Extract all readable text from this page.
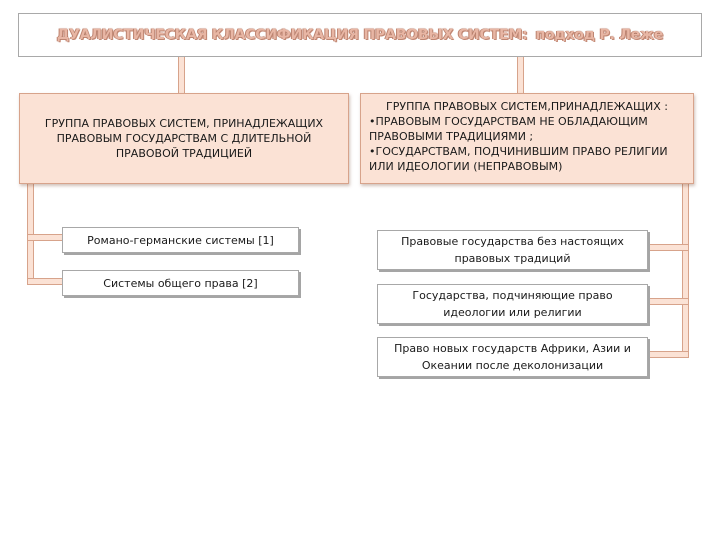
ДУАЛИСТИЧЕСКАЯ КЛАССИФИКАЦИЯ ПРАВОВЫХ СИСТЕМ: подход Р. Леже
ГРУППА ПРАВОВЫХ СИСТЕМ, ПРИНАДЛЕЖАЩИХ ПРАВОВЫМ ГОСУДАРСТВАМ С ДЛИТЕЛЬНОЙ ПРАВОВОЙ ТРАДИЦИЕЙ
Романо-германские системы [1]
Системы общего права [2]
ГРУППА ПРАВОВЫХ СИСТЕМ,ПРИНАДЛЕЖАЩИХ :
•ПРАВОВЫМ ГОСУДАРСТВАМ НЕ ОБЛАДАЮЩИМ
ПРАВОВЫМИ ТРАДИЦИЯМИ ;
•ГОСУДАРСТВАМ, ПОДЧИНИВШИМ ПРАВО РЕЛИГИИ
ИЛИ ИДЕОЛОГИИ (НЕПРАВОВЫМ)
Правовые государства без настоящих правовых традиций
Государства, подчиняющие право идеологии или религии
Право новых государств Африки, Азии и Океании после деколонизации
